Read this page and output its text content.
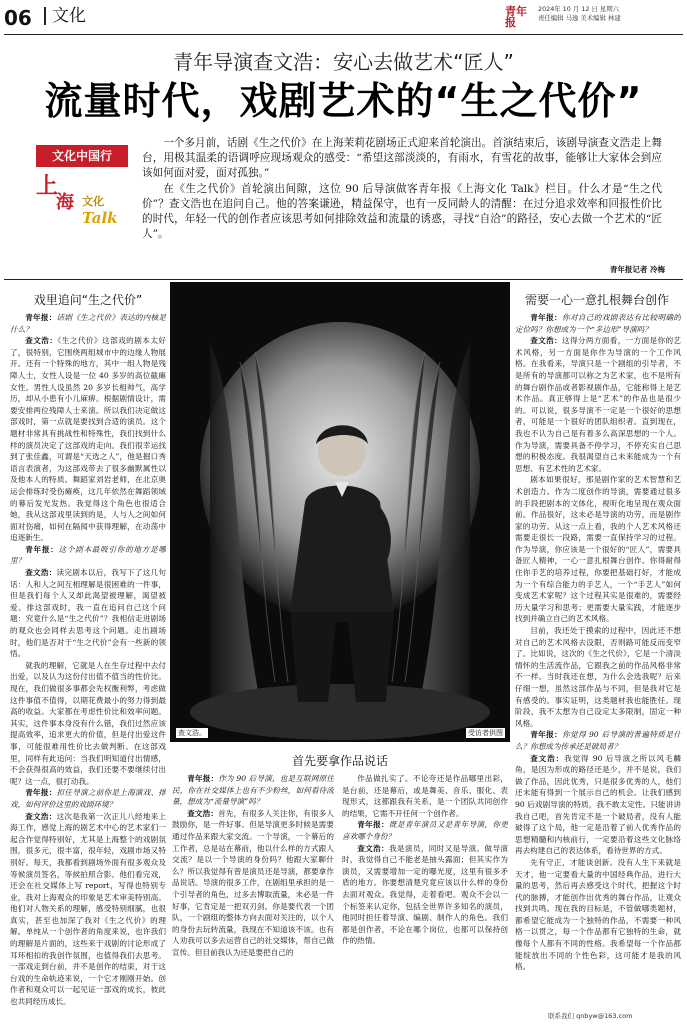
06	文化	青年报
2024年 10 月 12 日 星期六
责任编辑 马逸 美术编辑 林建
青年导演查文浩：安心去做艺术“匠人”
流量时代，戏剧艺术的“生之代价”
文化中国行
上
海 文化
Talk

一个多月前，话剧《生之代价》在上海茉莉花剧场正式迎来首轮演出。首演结束后，该剧导演查文浩走上舞台，用极其温柔的语调呼应现场观众的感受：“希望这部淡淡的，有雨水，有雪花的故事，能够让大家体会到应该如何面对爱，面对孤独。”

在《生之代价》首轮演出间隙，这位 90 后导演做客青年报《上海文化 Talk》栏目。什么才是“生之代价”？查文浩也在追问自己。他的答案谦逊，精益保守，也有一反同龄人的清醒：在过分追求效率和回报性价比的时代，年轻一代的创作者应该思考如何排除效益和流量的诱惑，寻找“自洽”的路径，安心去做一个艺术的“匠人”。

青年报记者 冷梅
戏里追问“生之代价”

青年报：话剧《生之代价》表达的内核是什么？

查文浩：《生之代价》这部戏的剧本太好了，很特别，它围绕两组城市中的边缘人物展开。还有一个特殊的地方，其中一组人物是残障人士，女性人设是一位 40 多岁的高位截瘫女性。男性人设虽然 20 多岁长相帅气，高学历，却从小患有小儿麻痹。根据剧情设计，需要安排两位残障人士来演。所以我们决定做这部戏时，第一点就是要找到合适的演员。这个题材非常具有挑战性和特殊性，我们找到什么样的演员决定了这部戏的走向。我们很幸运找到了张佳鑫，可谓是“天选之人”，他是掘口秀语言表演者，为这部戏带去了很多幽默属性以及他本人的特质。舞蹈家刘岩老师，在北京奥运会排练时受伤瘫痪，这几年依然在舞蹈领域的幕后发光发热。我觉得这个角色也很适合她，我从这部戏里读到的是，人与人之间如何面对伤痛，如何在隔阂中获得理解，在动荡中追逐新生。

青年报：这个剧本最吸引你的地方是哪里？

查文浩：读完剧本以后，我写下了这几句话：人和人之间互相理解是很困难的一件事，但是我们每个人又却此渴望被理解，渴望被爱。排这部戏时，我一直在追问自己这个问题：究竟什么是“生之代价”？我相信走进剧场的观众也会同样去思考这个问题。走出剧场时，他们是否对于“生之代价”会有一些新的领悟。

就我的理解，它就是人在生存过程中去付出爱，以及认为这份付出值不值当的性价比。现在，我们做很多事都会先权衡利弊，考虑做这件事值不值得，以期花费最小的努力得到最高的收益。大家都在考虑性价比和效率问题。其实，这件事本身没有什么错，我们过然应该提高效率，追求更大的价值，但是付出爱这件事，可能很难用性价比去做判断。在这部戏里，同样有此追问：当我们明知道付出情感，不会获得很高的效益，我们还要不要继续付出呢？这一点，很打动我。

青年报：担任导演之前你是上海演戏、排戏，如何评价这里的戏剧环境？

查文浩：这次是我第一次正儿八经地来上海工作，感觉上海的剧艺术中心的艺术家们一起合作觉得特别好，尤其是上海整个的戏剧氛围，很多元，很丰富，很年轻，戏剧市场又特别好。每天，我都看到剧场外面有很多观众及等候演员签名，等候拍照合影。他们看完戏，还会在社交媒体上写 report，写得也特别专业，我对上海观众的印象是艺术审美特别高。他们对人物关系的理解，感受特别细腻，也很真实，甚至也加深了我对《生之代价》的理解。单纯从一个创作者的角度来说，也许我们的理解是片面的，这些来于戏剧的讨论形成了耳环相扣的我创作氛围，也值得我们去思考。一部戏走到台前，并不是创作的结束，对于这台戏的生命轨迹来说，一个它才刚刚开始。创作者和观众可以一起见证一部戏的成长，彼此也共同经历成长。

需要一心一意扎根舞台创作

青年报：你对自己的戏剧表达有比较明确的定位吗？你想成为一个“多边形”导演吗？

查文浩：这得分两方面看，一方面是你的艺术风格，另一方面是你作为导演的一个工作风格。在我看来，导演只是一个剧组的引导者，不是所有的导演都可以称之为艺术家，也不是所有的舞台剧作品或者影视剧作品，它能称得上是艺术作品。真正够得上是“艺术”的作品也是很少的。可以说，很多导演不一定是一个很好的思想者，可能是一个很好的团队组织者。直到现在，我也不认为自己是有着多么高深思想的一个人。作为导演，需要具备不停学习，不停充实自己思想的积极态度。我很渴望自己未来能成为一个有思想、有艺术性的艺术家。

剧本如果很好，那是剧作家的艺术智慧和艺术创造力。作为二度创作的导演，需要通过很多的手段把剧本的文体化，视听化地呈现在观众面前。作品很好，这未必是导演的功劳，而是剧作家的功劳。从这一点上看，我的个人艺术风格还需要走很长一段路，需要一直保持学习的过程。作为导演，你应该是一个很好的“匠人”，需要具备匠人精神，一心一意扎根舞台创作。你得耐得住你手艺的培养过程，你要把基础打好，才能成为一个有综合能力的手艺人，一个“手艺人”如何变成艺术家呢？这个过程其实是很难的，需要经历大量学习和思考；更需要大量实践，才能逐步找到并确立自己的艺术风格。

目前，我还处于摸索的过程中，因此还不想对自己的艺术风格去设限，否则路可能反而变窄了。比如说，这次的《生之代价》，它是一个清淡情怀的生活流作品，它跟我之前的作品风格非常不一样。当时我还在想，为什么会选我呢？后来仔细一想，虽然这部作品与不同，但是我对它是有感受的。事实证明，这类题材我也能胜任。现阶段，我不太想为自己设定太多限制，固定一种风格。

青年报：你觉得 90 后导演的普遍特质是什么？你想成为传承还是破局者？

查文浩：我觉得 90 后导演之所以风毛麟角，是因为形成的路径还是少，并不是说，我们做了作品，因此优秀，只是很多优秀的人，他们还未能有得到一个展示自己的机会。让我们感到 90 后戏剧导演的特质，我不敢太定性。只能讲讲我自己吧，首先肯定不是一个破局者，没有人能破得了这个局，他一定是沿着了前人优秀作品的思想精髓和内核前行，一定要沿着这些文化脉络再去构建自己的表达体系，看待世界的方式。

先有守正，才能谈创新。没有人生下来就是天才，他一定要看大量的中国经典作品，进行大量的思考，然后再去感受这个时代，把握这个时代的脉搏，才能创作出优秀的舞台作品，让观众找到共鸣。现在我的目标是，不管做哪类题材，都希望它能成为一个独特的作品，不需要一种风格一以贯之，每一个作品都有它独特的生命，就像每个人都有不同的性格。我希望每一个作品都能绽放出不同的个性色彩，这可能才是我的风格。

查文浩。	受访者供图
首先要拿作品说话

青年报：作为 90 后导演，也是互联网原住民，你在社交媒体上也有不少粉丝，如何看待流量，想成为“流量导演”吗？

查文浩：首先，有很多人关注你，有很多人鼓励你，是一件好事。但是导演更多时候是需要通过作品来跟大家交流。一个导演，一个幕后的工作者，总是站在幕前，他以什么样的方式跟人交流？是以一个导演的身份吗？他跟大家聊什么？所以我觉得有曾是演员还是导演，都要拿作品说话。导演的很多工作，在剧组里承担的是一个引导者的角色，过多去博取流量，未必是一件好事，它肯定是一把双刃剑。你是要代表一个团队，一个剧组的整体方向去面对关注的，以个人的身份去玩转流量，我现在不知道该不该。也有人劝我可以多去运营自己的社交媒体，帮自己做宣传。但目前我认为还是要把自己的

作品做扎实了。不论夸还是作品哪里出彩，是台前，还是幕后，或是舞美、音乐、服化、表现形式，这都跟我有关系，是一个团队共同创作的结果，它需不开任何一个创作者。

青年报：既是青年演员又是青年导演，你更喜欢哪个身份？

查文浩：我是演员，同时又是导演。做导演时，我觉得自己不能老是抽头露面；但其实作为演员，又需要增加一定的曝光度，这里有很多矛盾的地方。你要想清楚究竟应该以什么样的身份去面对观众。我觉得，走着看吧。观众不会以一个标签来认定你，包括全世界许多知名的演员，他同时担任着导演、编剧、制作人的角色。我们都是创作者，不论在哪个岗位，也都可以保持创作的热情。

联系我们 qnbyw@163.com
